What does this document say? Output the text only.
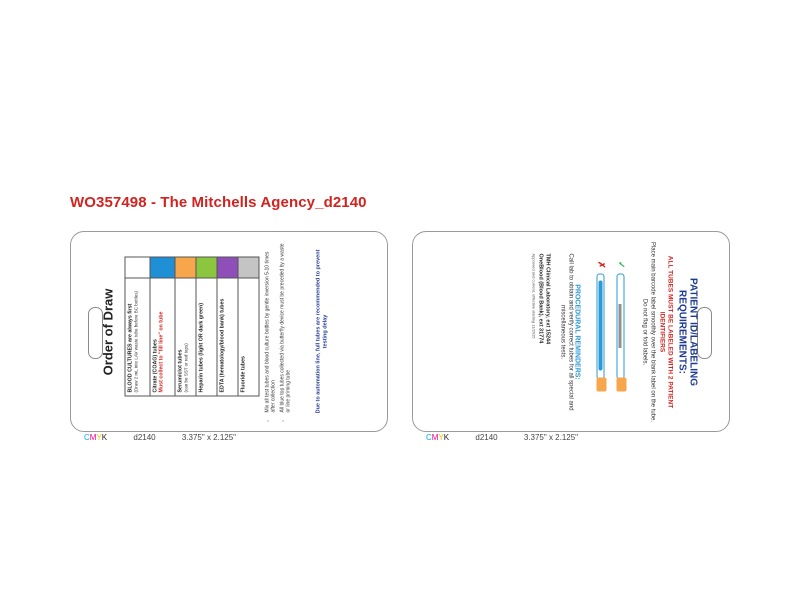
WO357498 - The Mitchells Agency_d2140
Order of Draw	BLOOD CULTURES are always first (Draw 2 mL into LAV waste tube before BC bottles)	Citrate (COAG) tubes Must collect to "fill line" on tube	Serum/clot tubes (can be SST or red tops)	Heparin tubes (light OR dark green)	EDTA (hematology/blood bank) tubes	Fluoride tubes	• Mix all test tubes and blood culture bottles by gentle inversion 5-10 times after collection • All blue top tubes collected via butterfly device must be preceded by a waste or line priming tube	Due to automation line, full tubes are recommended to prevent testing delay	PATIENT ID/LABELING REQUIREMENTS:
ALL TUBES MUST BE LABELED WITH 2 PATIENT IDENTIFIERS
Place main barcode label smoothly over the blank label on the tube. Do not flag or fold labels.
✓
✗
PROCEDURAL REMINDERS:
Call lab to obtain and verify correct tubes for all special and miscellaneous tests.
TMH Clinical Laboratory, ext 15244
OneBlood (Blood Bank), ext 31774
Approved and current, effective starting 11/2025
CMYK	d2140	3.375" x 2.125"	CMYK	d2140	3.375" x 2.125"
